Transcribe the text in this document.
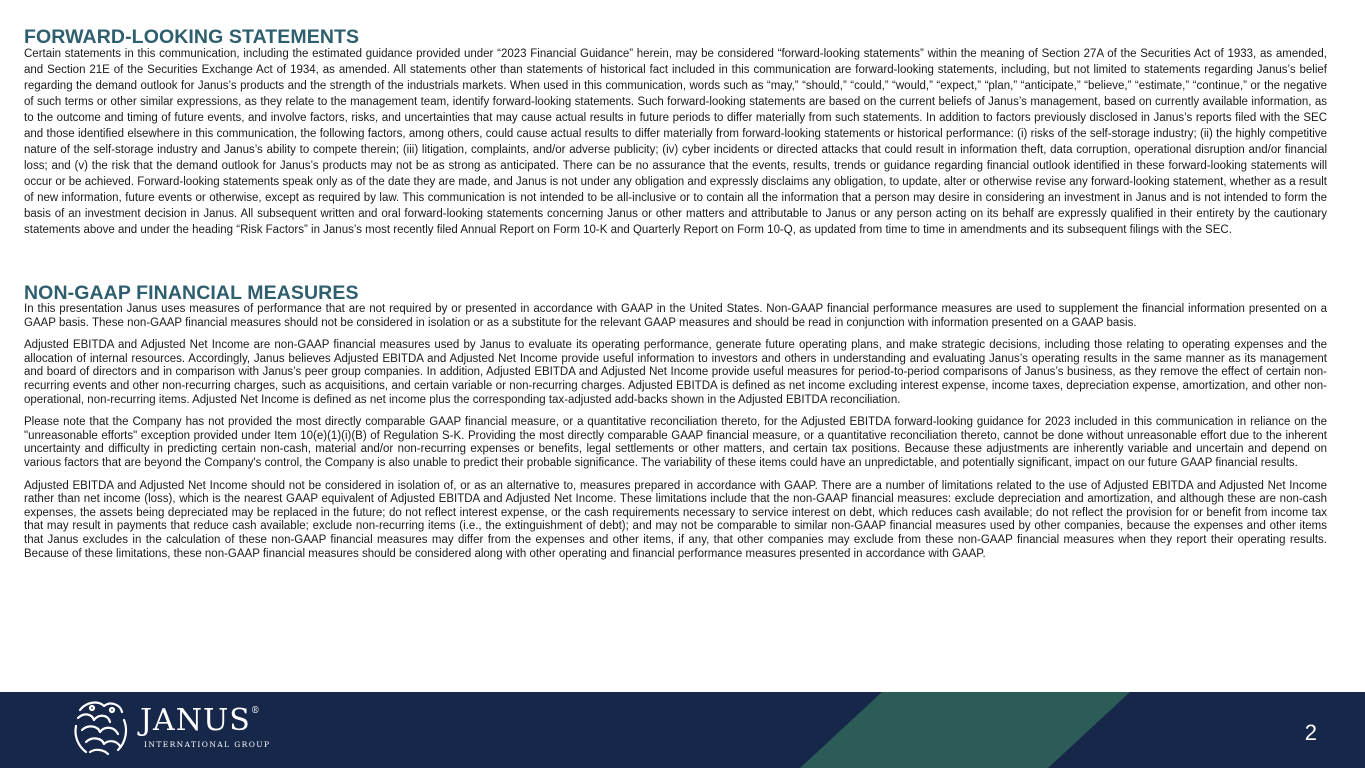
FORWARD-LOOKING STATEMENTS

Certain statements in this communication, including the estimated guidance provided under “2023 Financial Guidance” herein, may be considered “forward-looking statements” within the meaning of Section 27A of the Securities Act of 1933, as amended, and Section 21E of the Securities Exchange Act of 1934, as amended. All statements other than statements of historical fact included in this communication are forward-looking statements, including, but not limited to statements regarding Janus’s belief regarding the demand outlook for Janus’s products and the strength of the industrials markets. When used in this communication, words such as “may,” “should,” “could,” “would,” “expect,” “plan,” “anticipate,” “believe,” “estimate,” “continue,” or the negative of such terms or other similar expressions, as they relate to the management team, identify forward-looking statements. Such forward-looking statements are based on the current beliefs of Janus’s management, based on currently available information, as to the outcome and timing of future events, and involve factors, risks, and uncertainties that may cause actual results in future periods to differ materially from such statements. In addition to factors previously disclosed in Janus’s reports filed with the SEC and those identified elsewhere in this communication, the following factors, among others, could cause actual results to differ materially from forward-looking statements or historical performance: (i) risks of the self-storage industry; (ii) the highly competitive nature of the self-storage industry and Janus’s ability to compete therein; (iii) litigation, complaints, and/or adverse publicity; (iv) cyber incidents or directed attacks that could result in information theft, data corruption, operational disruption and/or financial loss; and (v) the risk that the demand outlook for Janus’s products may not be as strong as anticipated. There can be no assurance that the events, results, trends or guidance regarding financial outlook identified in these forward-looking statements will occur or be achieved. Forward-looking statements speak only as of the date they are made, and Janus is not under any obligation and expressly disclaims any obligation, to update, alter or otherwise revise any forward-looking statement, whether as a result of new information, future events or otherwise, except as required by law. This communication is not intended to be all-inclusive or to contain all the information that a person may desire in considering an investment in Janus and is not intended to form the basis of an investment decision in Janus. All subsequent written and oral forward-looking statements concerning Janus or other matters and attributable to Janus or any person acting on its behalf are expressly qualified in their entirety by the cautionary statements above and under the heading “Risk Factors” in Janus’s most recently filed Annual Report on Form 10-K and Quarterly Report on Form 10-Q, as updated from time to time in amendments and its subsequent filings with the SEC.

NON-GAAP FINANCIAL MEASURES

In this presentation Janus uses measures of performance that are not required by or presented in accordance with GAAP in the United States. Non-GAAP financial performance measures are used to supplement the financial information presented on a GAAP basis. These non-GAAP financial measures should not be considered in isolation or as a substitute for the relevant GAAP measures and should be read in conjunction with information presented on a GAAP basis.

Adjusted EBITDA and Adjusted Net Income are non-GAAP financial measures used by Janus to evaluate its operating performance, generate future operating plans, and make strategic decisions, including those relating to operating expenses and the allocation of internal resources. Accordingly, Janus believes Adjusted EBITDA and Adjusted Net Income provide useful information to investors and others in understanding and evaluating Janus’s operating results in the same manner as its management and board of directors and in comparison with Janus’s peer group companies. In addition, Adjusted EBITDA and Adjusted Net Income provide useful measures for period-to-period comparisons of Janus’s business, as they remove the effect of certain non-recurring events and other non-recurring charges, such as acquisitions, and certain variable or non-recurring charges. Adjusted EBITDA is defined as net income excluding interest expense, income taxes, depreciation expense, amortization, and other non-operational, non-recurring items. Adjusted Net Income is defined as net income plus the corresponding tax-adjusted add-backs shown in the Adjusted EBITDA reconciliation.

Please note that the Company has not provided the most directly comparable GAAP financial measure, or a quantitative reconciliation thereto, for the Adjusted EBITDA forward-looking guidance for 2023 included in this communication in reliance on the "unreasonable efforts" exception provided under Item 10(e)(1)(i)(B) of Regulation S-K. Providing the most directly comparable GAAP financial measure, or a quantitative reconciliation thereto, cannot be done without unreasonable effort due to the inherent uncertainty and difficulty in predicting certain non-cash, material and/or non-recurring expenses or benefits, legal settlements or other matters, and certain tax positions. Because these adjustments are inherently variable and uncertain and depend on various factors that are beyond the Company's control, the Company is also unable to predict their probable significance. The variability of these items could have an unpredictable, and potentially significant, impact on our future GAAP financial results.

Adjusted EBITDA and Adjusted Net Income should not be considered in isolation of, or as an alternative to, measures prepared in accordance with GAAP. There are a number of limitations related to the use of Adjusted EBITDA and Adjusted Net Income rather than net income (loss), which is the nearest GAAP equivalent of Adjusted EBITDA and Adjusted Net Income. These limitations include that the non-GAAP financial measures: exclude depreciation and amortization, and although these are non-cash expenses, the assets being depreciated may be replaced in the future; do not reflect interest expense, or the cash requirements necessary to service interest on debt, which reduces cash available; do not reflect the provision for or benefit from income tax that may result in payments that reduce cash available; exclude non-recurring items (i.e., the extinguishment of debt); and may not be comparable to similar non-GAAP financial measures used by other companies, because the expenses and other items that Janus excludes in the calculation of these non-GAAP financial measures may differ from the expenses and other items, if any, that other companies may exclude from these non-GAAP financial measures when they report their operating results. Because of these limitations, these non-GAAP financial measures should be considered along with other operating and financial performance measures presented in accordance with GAAP.

JANUS®
INTERNATIONAL GROUP	2
